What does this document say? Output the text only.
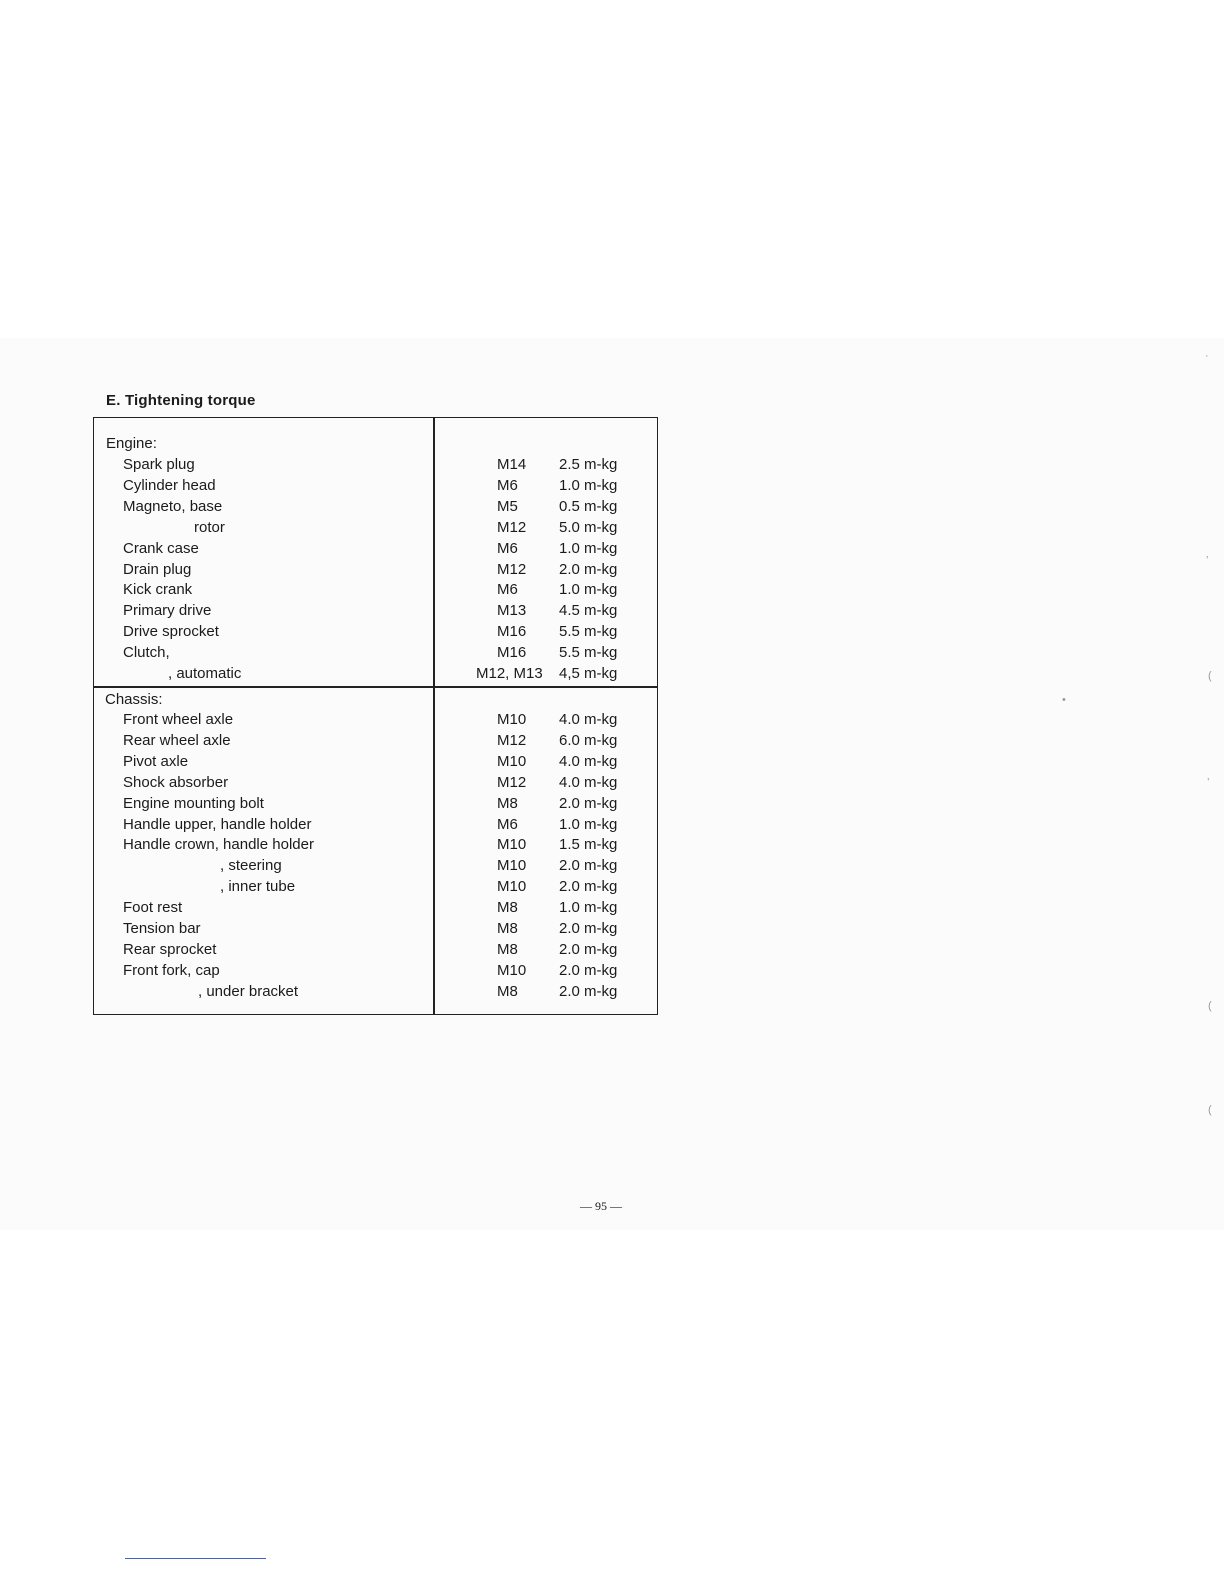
E. Tightening torque
Engine:
Chassis:
Spark plug	M14 2.5 m-kg
Cylinder head	M6	1.0 m-kg
Magneto, base	M5	0.5 m-kg
rotor	M12 5.0 m-kg
Crank case	M6	1.0 m-kg
Drain plug	M12 2.0 m-kg
Kick crank	M6	1.0 m-kg
Primary drive	M13 4.5 m-kg
Drive sprocket	M16 5.5 m-kg
Clutch,	M16 5.5 m-kg
, automatic	M12, M13 4,5 m-kg
Front wheel axle	M10 4.0 m-kg
Rear wheel axle	M12 6.0 m-kg
Pivot axle	M10 4.0 m-kg
Shock absorber	M12 4.0 m-kg
Engine mounting bolt	M8	2.0 m-kg
Handle upper, handle holder	M6	1.0 m-kg
Handle crown, handle holder	M10 1.5 m-kg
, steering	M10 2.0 m-kg
, inner tube	M10 2.0 m-kg
Foot rest	M8	1.0 m-kg
Tension bar	M8	2.0 m-kg
Rear sprocket	M8	2.0 m-kg
Front fork, cap	M10 2.0 m-kg
, under bracket	M8	2.0 m-kg
— 95 —
·
‚
(
•
‚
(
(
